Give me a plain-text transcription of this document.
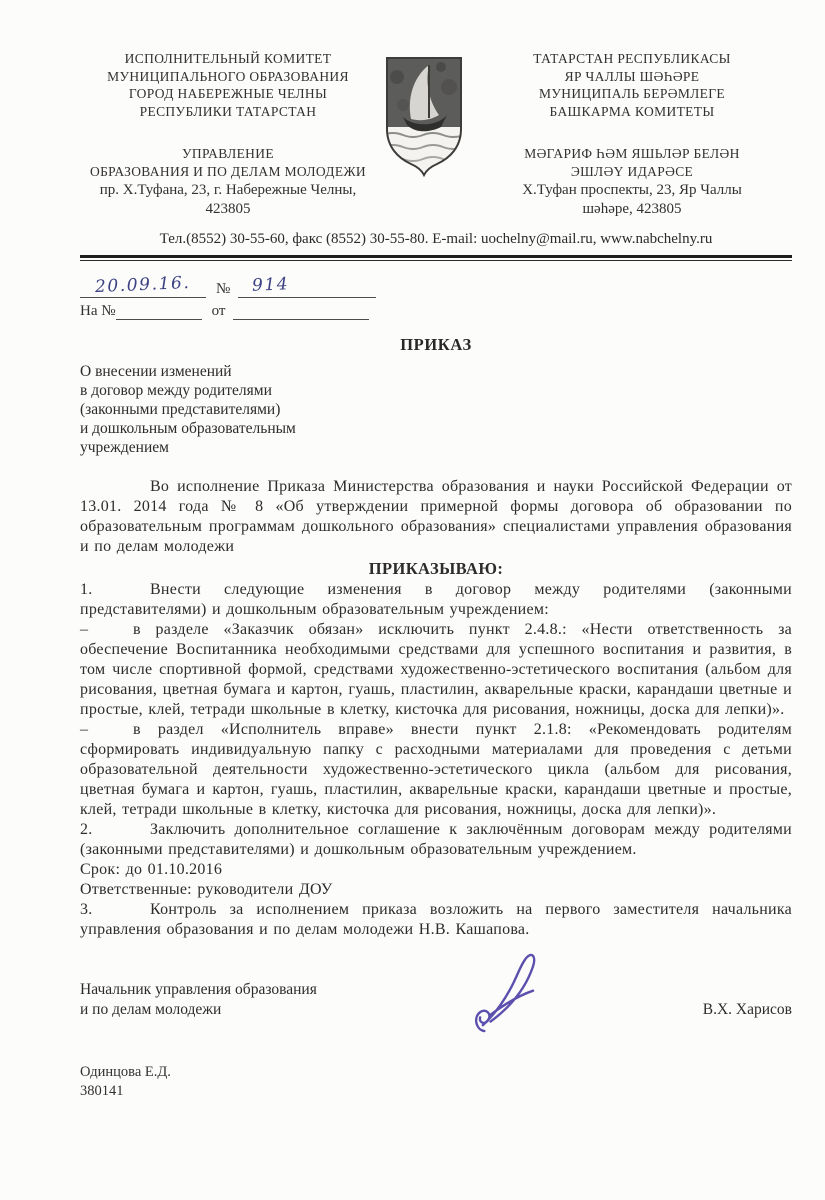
ИСПОЛНИТЕЛЬНЫЙ КОМИТЕТ
МУНИЦИПАЛЬНОГО ОБРАЗОВАНИЯ
ГОРОД НАБЕРЕЖНЫЕ ЧЕЛНЫ
РЕСПУБЛИКИ ТАТАРСТАН
УПРАВЛЕНИЕ
ОБРАЗОВАНИЯ И ПО ДЕЛАМ МОЛОДЕЖИ
пр. Х.Туфана, 23, г. Набережные Челны,
423805
ТАТАРСТАН РЕСПУБЛИКАСЫ
ЯР ЧАЛЛЫ ШӘҺӘРЕ
МУНИЦИПАЛЬ БЕРӘМЛЕГЕ
БАШКАРМА КОМИТЕТЫ
МӘГАРИФ ҺӘМ ЯШЬЛӘР БЕЛӘН
ЭШЛӘҮ ИДАРӘСЕ
Х.Туфан проспекты, 23, Яр Чаллы
шәһәре, 423805
Тел.(8552) 30-55-60, факс (8552) 30-55-80. E-mail: uochelny@mail.ru, www.nabchelny.ru
20.09.16.	№	914
На №	от
ПРИКАЗ
О внесении изменений
в договор между родителями
(законными представителями)
и дошкольным образовательным
учреждением
Во исполнение Приказа Министерства образования и науки Российской Федерации от 13.01. 2014 года № 8 «Об утверждении примерной формы договора об образовании по образовательным программам дошкольного образования» специалистами управления образования и по делам молодежи
ПРИКАЗЫВАЮ:
1.	Внести следующие изменения в договор между родителями (законными представителями) и дошкольным образовательным учреждением:
–	в разделе «Заказчик обязан» исключить пункт 2.4.8.: «Нести ответственность за обеспечение Воспитанника необходимыми средствами для успешного воспитания и развития, в том числе спортивной формой, средствами художественно-эстетического воспитания (альбом для рисования, цветная бумага и картон, гуашь, пластилин, акварельные краски, карандаши цветные и простые, клей, тетради школьные в клетку, кисточка для рисования, ножницы, доска для лепки)».
–	в раздел «Исполнитель вправе» внести пункт 2.1.8: «Рекомендовать родителям сформировать индивидуальную папку с расходными материалами для проведения с детьми образовательной деятельности художественно-эстетического цикла (альбом для рисования, цветная бумага и картон, гуашь, пластилин, акварельные краски, карандаши цветные и простые, клей, тетради школьные в клетку, кисточка для рисования, ножницы, доска для лепки)».
2.	Заключить дополнительное соглашение к заключённым договорам между родителями (законными представителями) и дошкольным образовательным учреждением.
Срок: до 01.10.2016
Ответственные: руководители ДОУ
3.	Контроль за исполнением приказа возложить на первого заместителя начальника управления образования и по делам молодежи Н.В. Кашапова.
Начальник управления образования
и по делам молодежи	В.Х. Харисов
Одинцова Е.Д.
380141
